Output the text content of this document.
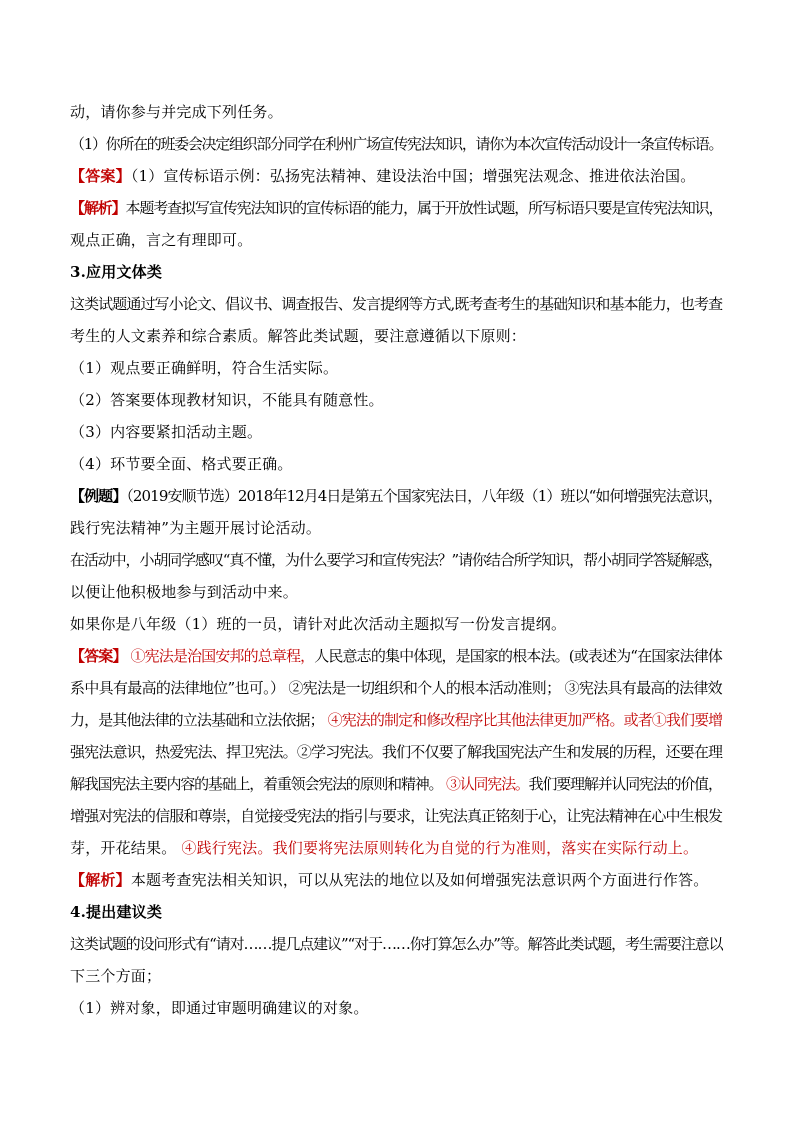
动，请你参与并完成下列任务。
（1）你所在的班委会决定组织部分同学在利州广场宣传宪法知识，请你为本次宣传活动设计一条宣传标语。
【答案】（1）宣传标语示例：弘扬宪法精神、建设法治中国；增强宪法观念、推进依法治国。
【解析】本题考查拟写宣传宪法知识的宣传标语的能力，属于开放性试题，所写标语只要是宣传宪法知识，
观点正确，言之有理即可。
3.应用文体类
这类试题通过写小论文、倡议书、调查报告、发言提纲等方式,既考查考生的基础知识和基本能力，也考查
考生的人文素养和综合素质。解答此类试题，要注意遵循以下原则：
（1）观点要正确鲜明，符合生活实际。
（2）答案要体现教材知识，不能具有随意性。
（3）内容要紧扣活动主题。
（4）环节要全面、格式要正确。
【例题】（2019安顺节选）2018年12月4日是第五个国家宪法日，八年级（1）班以“如何增强宪法意识，
践行宪法精神”为主题开展讨论活动。
在活动中，小胡同学感叹“真不懂，为什么要学习和宣传宪法？”请你结合所学知识，帮小胡同学答疑解惑，
以便让他积极地参与到活动中来。
如果你是八年级（1）班的一员，请针对此次活动主题拟写一份发言提纲。
【答案】 ①宪法是治国安邦的总章程，人民意志的集中体现，是国家的根本法。(或表述为“在国家法律体
系中具有最高的法律地位”也可。） ②宪法是一切组织和个人的根本活动准则； ③宪法具有最高的法律效
力，是其他法律的立法基础和立法依据； ④宪法的制定和修改程序比其他法律更加严格。或者①我们要增
强宪法意识，热爱宪法、捍卫宪法。②学习宪法。我们不仅要了解我国宪法产生和发展的历程，还要在理
解我国宪法主要内容的基础上，着重领会宪法的原则和精神。 ③认同宪法。我们要理解并认同宪法的价值，
增强对宪法的信服和尊崇，自觉接受宪法的指引与要求，让宪法真正铭刻于心，让宪法精神在心中生根发
芽，开花结果。 ④践行宪法。我们要将宪法原则转化为自觉的行为准则，落实在实际行动上。
【解析】本题考查宪法相关知识，可以从宪法的地位以及如何增强宪法意识两个方面进行作答。
4.提出建议类
这类试题的设问形式有“请对……提几点建议”“对于……你打算怎么办”等。解答此类试题，考生需要注意以
下三个方面；
（1）辨对象，即通过审题明确建议的对象。
